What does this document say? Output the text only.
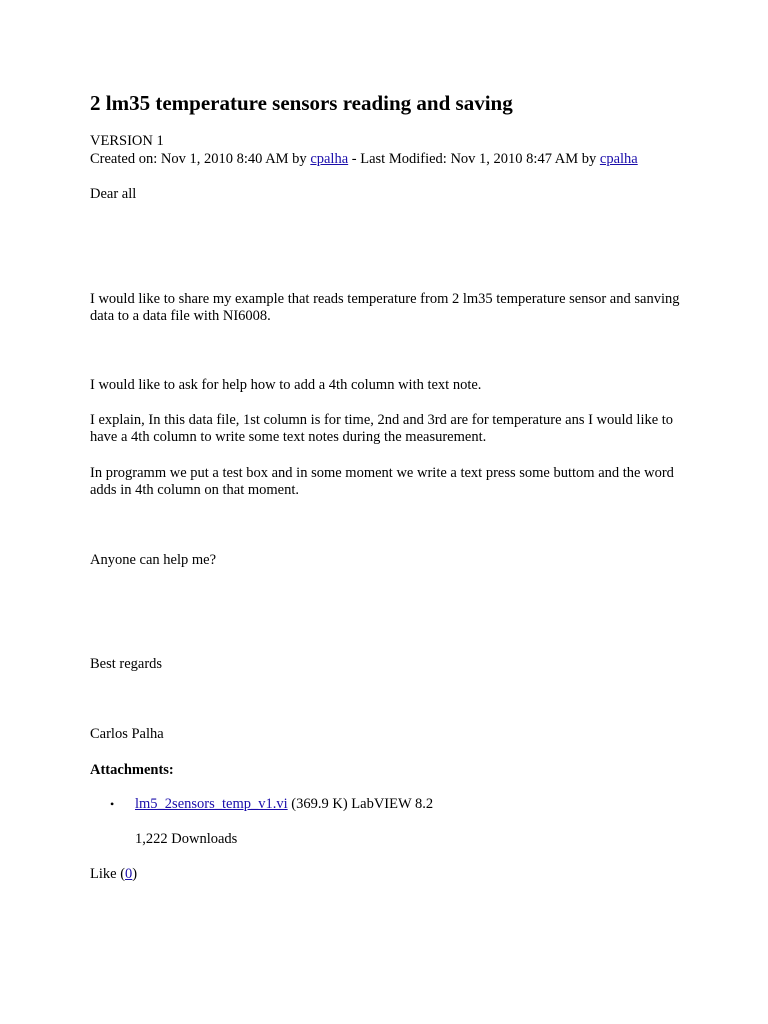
2 lm35 temperature sensors reading and saving
VERSION 1
Created on: Nov 1, 2010 8:40 AM by cpalha - Last Modified: Nov 1, 2010 8:47 AM by cpalha

Dear all

I would like to share my example that reads temperature from 2 lm35 temperature sensor and sanving data to a data file with NI6008.

I would like to ask for help how to add a 4th column with text note.

I explain, In this data file, 1st column is for time, 2nd and 3rd are for temperature ans I would like to have a 4th column to write some text notes during the measurement.

In programm we put a test box and in some moment we write a text press some buttom and the word adds in 4th column on that moment.

Anyone can help me?

Best regards

Carlos Palha

Attachments:
• lm5_2sensors_temp_v1.vi (369.9 K) LabVIEW 8.2
1,222 Downloads
Like (0)
